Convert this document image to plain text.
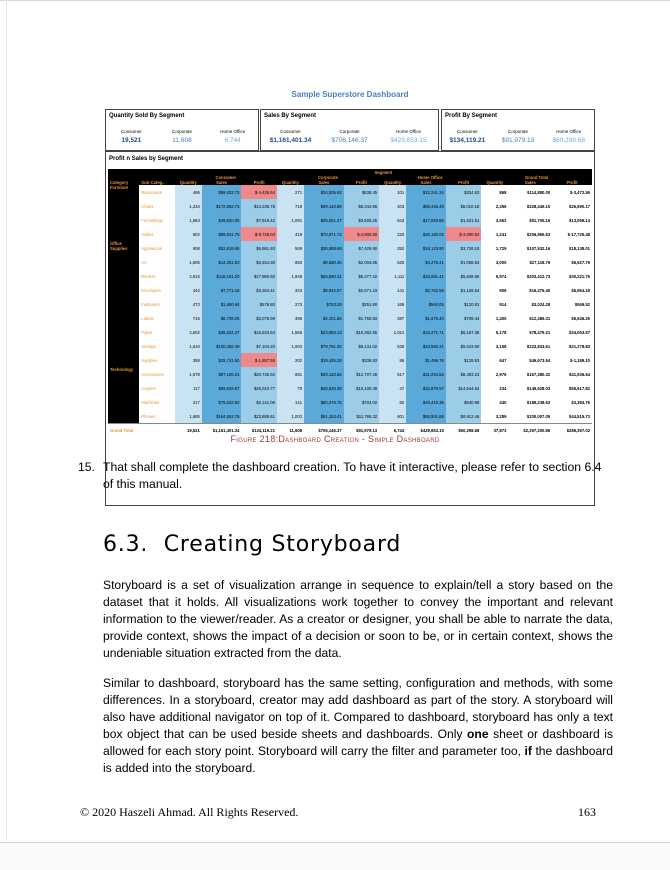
Sample Superstore Dashboard
Quantity Sold By Segment
Consumer	Corporate	Home Office
19,521	11,608	6,744
Sales By Segment
Consumer	Corporate	Home Office
$1,161,401.34	$706,146.37	$429,653.15
Profit By Segment
Consumer	Corporate	Home Office
$134,119.21	$91,979.13	$60,298.68
Profit n Sales by Segment
		Segment											
		Consumer			Corporate			Home Office			Grand Total		
Category	Sub-Categ..	Quantity	Sales	Profit	Quantity	Sales	Profit	Quantity	Sales	Profit	Quantity	Sales	Profit
Furniture	Bookcases	496	$68,632.73	$-4,435.64	271	$34,005.92	$638.45	101	$12,241.34	$324.63	868	$114,880.00	$-3,472.56
	Chairs	1,234	$172,862.74	$13,235.78	719	$99,140.88	$6,344.66	403	$56,446.48	$5,010.18	2,356	$328,449.10	$26,590.17
	Furnishings	1,664	$49,620.05	$7,919.42	1,091	$25,001.27	$3,508.25	643	$17,083.85	$1,631.51	3,563	$91,705.16	$13,059.14
	Tables	602	$99,931.75	$-9,728.04	419	$70,871.72	$-4,906.50	220	$36,160.02	$-3,090.94	1,241	$206,965.53	$-17,725.48
Office Supplies	Appliances	908	$52,819.58	$6,981.93	569	$36,588.68	$7,429.90	252	$18,123.90	$3,726.18	1,729	$107,532.16	$18,138.01
	Art	1,605	$14,251.93	$3,454.30	850	$8,590.45	$2,004.65	525	$4,276.41	$1,068.84	3,000	$27,118.79	$6,527.79
	Binders	2,915	$118,161.20	$17,980.60	1,948	$55,560.31	$6,377.32	1,111	$33,691.41	$5,848.86	5,974	$203,412.73	$30,221.76
	Envelopes	442	$7,771.15	$3,264.41	323	$5,942.67	$2,571.23	141	$2,762.59	$1,128.54	906	$16,476.40	$6,964.18
	Fasteners	473	$1,680.94	$576.80	273	$783.29	$251.90	168	$560.05	$120.81	914	$3,024.28	$949.52
	Labels	715	$6,709.26	$3,075.99	398	$4,101.65	$1,760.83	287	$1,675.40	$709.44	1,400	$12,486.31	$5,546.25
	Paper	2,602	$36,324.37	$15,534.54	1,555	$23,883.13	$10,382.55	1,021	$18,271.71	$8,157.38	5,178	$78,479.21	$34,053.57
	Storage	1,610	$100,492.49	$7,104.20	1,003	$79,791.00	$9,131.02	539	$43,560.21	$5,043.60	3,158	$223,843.61	$21,278.83
	Supplies	359	$25,741.50	$-1,657.55	202	$19,435.28	$338.93	86	$1,496.76	$129.53	647	$46,673.54	$-1,189.10
Technology	Accessories	1,578	$87,105.24	$20,735.92	881	$49,130.56	$12,707.49	517	$31,094.52	$8,493.23	2,976	$167,380.32	$41,936.64
	Copiers	117	$69,819.97	$25,010.77	70	$46,829.39	$16,100.39	47	$32,879.57	$14,544.84	234	$149,528.03	$55,617.82
	Machines	217	$75,542.82	$2,141.06	141	$60,276.75	$703.02	82	$49,419.35	$540.98	440	$189,238.63	$3,384.76
	Phones	1,685	$164,552.78	$23,886.61	1,003	$91,153.41	$11,766.32	601	$68,501.88	$8,912.46	3,289	$330,007.05	$44,515.73
Grand Total		19,521	$1,161,401.34	$134,119.21	11,608	$706,146.37	$91,979.13	6,744	$429,653.15	$60,298.68	37,873	$2,297,200.86	$286,397.02
Figure 218:Dashboard Creation - Simple Dashboard
15. That shall complete the dashboard creation. To have it interactive, please refer to section 6.4 of this manual.
6.3.  Creating Storyboard
Storyboard is a set of visualization arrange in sequence to explain/tell a story based on the dataset that it holds. All visualizations work together to convey the important and relevant information to the viewer/reader. As a creator or designer, you shall be able to narrate the data, provide context, shows the impact of a decision or soon to be, or in certain context, shows the undeniable situation extracted from the data.
Similar to dashboard, storyboard has the same setting, configuration and methods, with some differences. In a storyboard, creator may add dashboard as part of the story. A storyboard will also have additional navigator on top of it. Compared to dashboard, storyboard has only a text box object that can be used beside sheets and dashboards. Only one sheet or dashboard is allowed for each story point. Storyboard will carry the filter and parameter too, if the dashboard is added into the storyboard.
© 2020 Haszeli Ahmad. All Rights Reserved.	163
